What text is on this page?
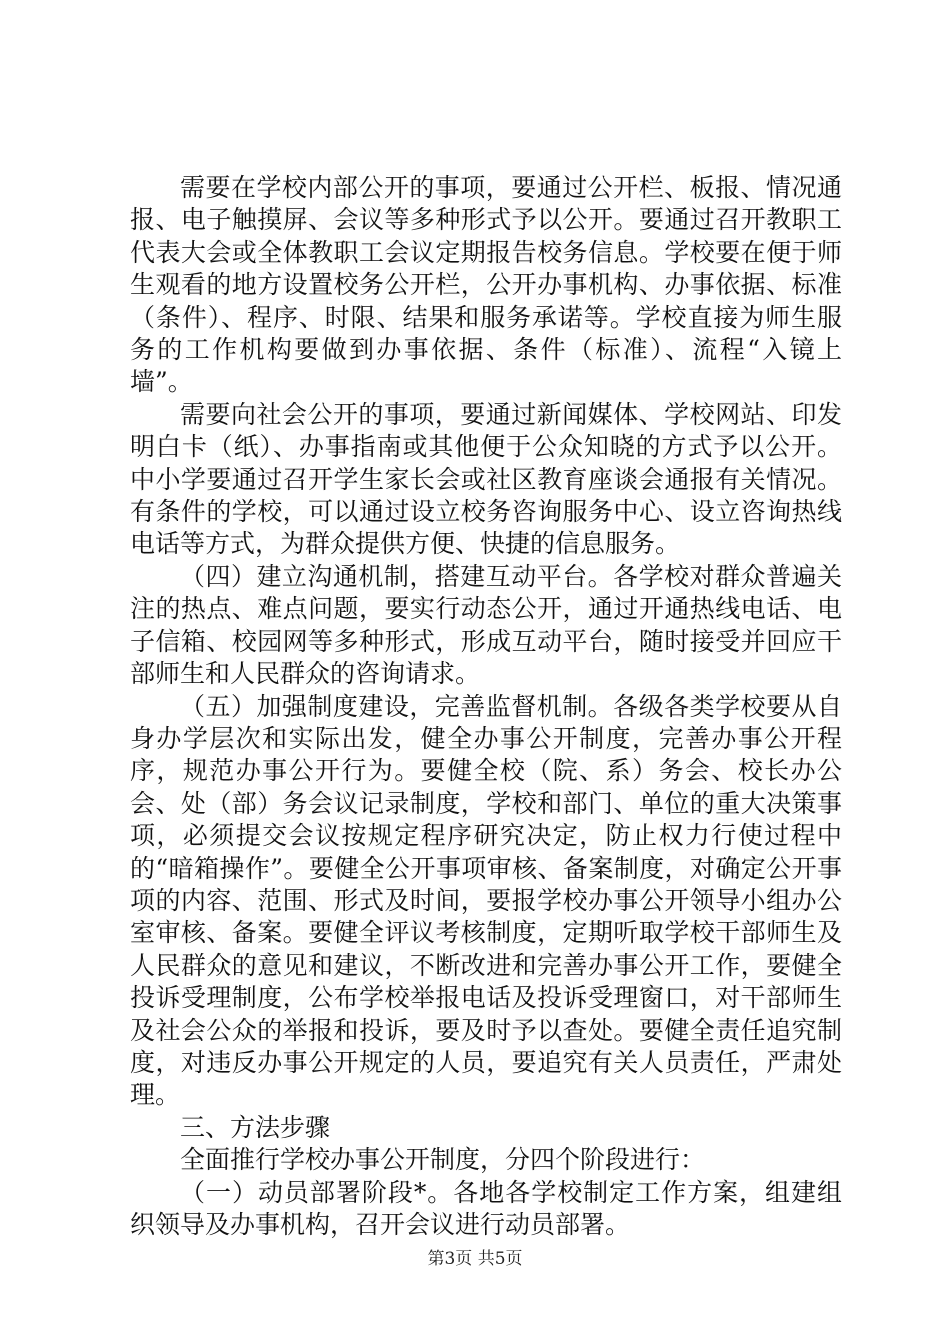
需要在学校内部公开的事项，要通过公开栏、板报、情况通报、电子触摸屏、会议等多种形式予以公开。要通过召开教职工代表大会或全体教职工会议定期报告校务信息。学校要在便于师生观看的地方设置校务公开栏，公开办事机构、办事依据、标准（条件）、程序、时限、结果和服务承诺等。学校直接为师生服务的工作机构要做到办事依据、条件（标准）、流程“入镜上墙”。

需要向社会公开的事项，要通过新闻媒体、学校网站、印发明白卡（纸）、办事指南或其他便于公众知晓的方式予以公开。中小学要通过召开学生家长会或社区教育座谈会通报有关情况。有条件的学校，可以通过设立校务咨询服务中心、设立咨询热线电话等方式，为群众提供方便、快捷的信息服务。

（四）建立沟通机制，搭建互动平台。各学校对群众普遍关注的热点、难点问题，要实行动态公开，通过开通热线电话、电子信箱、校园网等多种形式，形成互动平台，随时接受并回应干部师生和人民群众的咨询请求。

（五）加强制度建设，完善监督机制。各级各类学校要从自身办学层次和实际出发，健全办事公开制度，完善办事公开程序，规范办事公开行为。要健全校（院、系）务会、校长办公会、处（部）务会议记录制度，学校和部门、单位的重大决策事项，必须提交会议按规定程序研究决定，防止权力行使过程中的“暗箱操作”。要健全公开事项审核、备案制度，对确定公开事项的内容、范围、形式及时间，要报学校办事公开领导小组办公室审核、备案。要健全评议考核制度，定期听取学校干部师生及人民群众的意见和建议，不断改进和完善办事公开工作，要健全投诉受理制度，公布学校举报电话及投诉受理窗口，对干部师生及社会公众的举报和投诉，要及时予以查处。要健全责任追究制度，对违反办事公开规定的人员，要追究有关人员责任，严肃处理。

三、方法步骤

全面推行学校办事公开制度，分四个阶段进行：

（一）动员部署阶段*。各地各学校制定工作方案，组建组织领导及办事机构，召开会议进行动员部署。

第3页 共5页
